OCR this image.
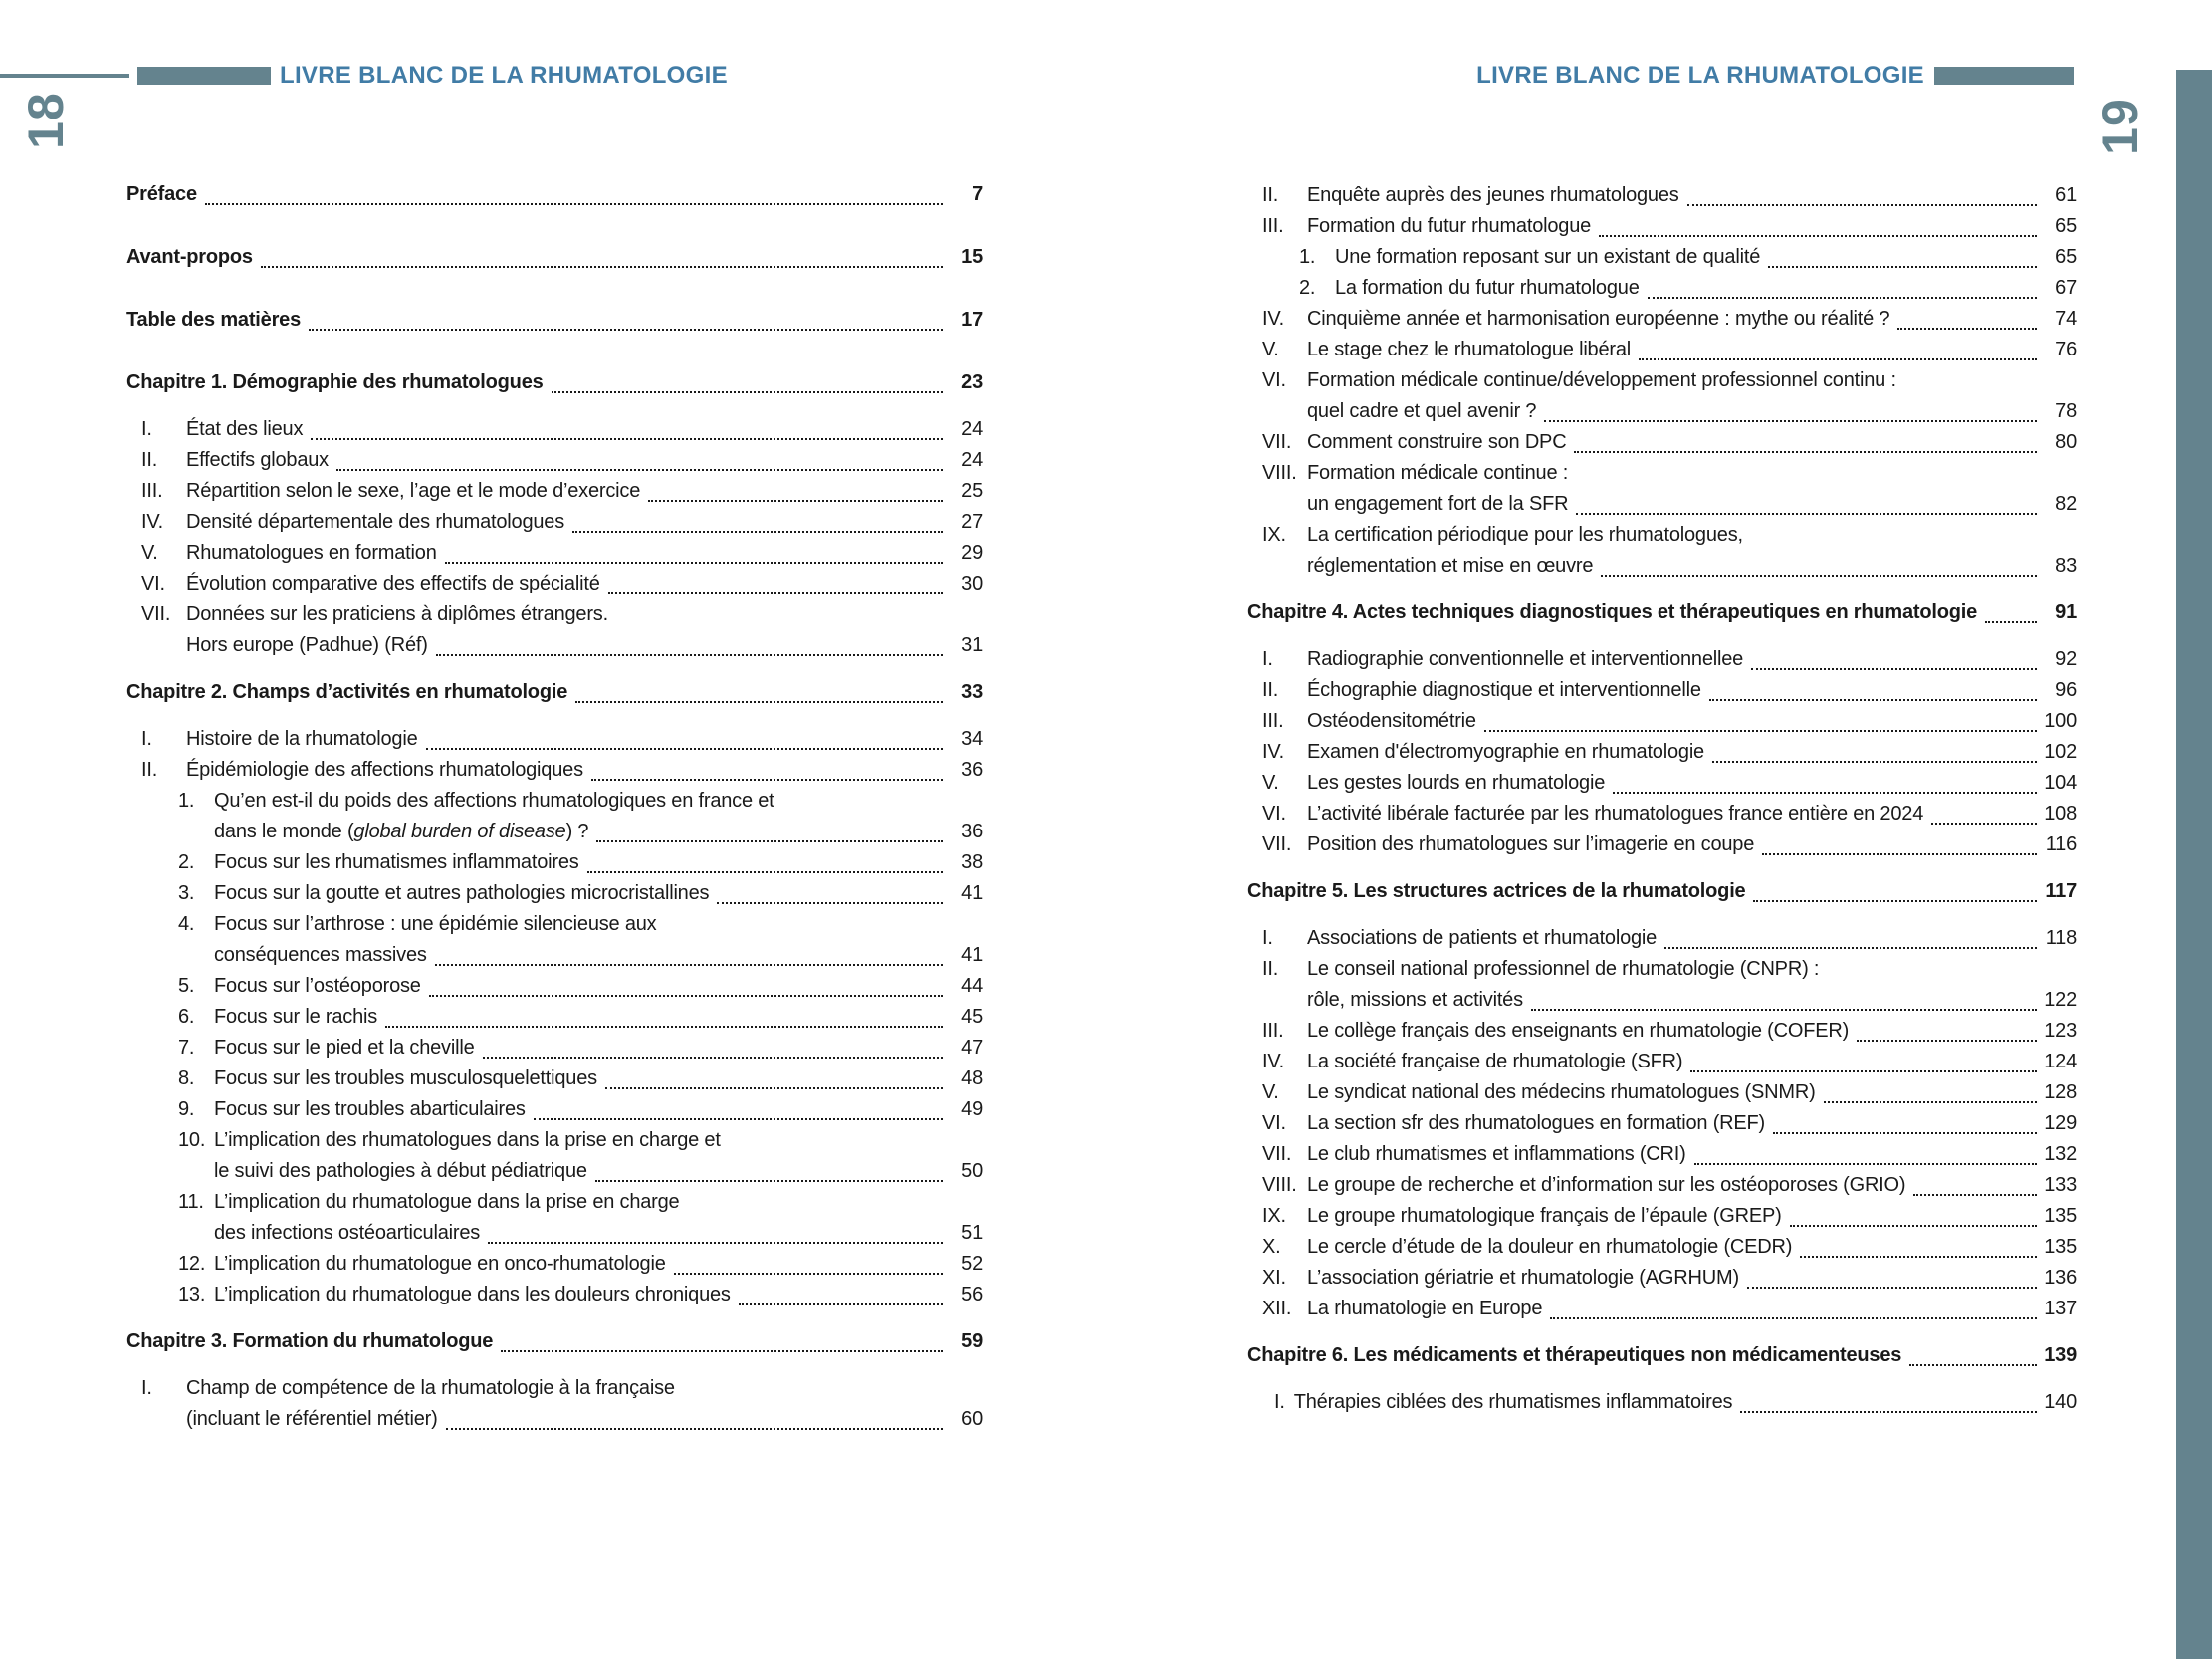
LIVRE BLANC DE LA RHUMATOLOGIE
18
LIVRE BLANC DE LA RHUMATOLOGIE
19
Préface	7
Avant-propos	15
Table des matières	17
Chapitre 1. Démographie des rhumatologues	23
I.	État des lieux	24
II.	Effectifs globaux	24
III.	Répartition selon le sexe, l’age et le mode d’exercice	25
IV.	Densité départementale des rhumatologues	27
V.	Rhumatologues en formation	29
VI.	Évolution comparative des effectifs de spécialité	30
VII. Données sur les praticiens à diplômes étrangers.
Hors europe (Padhue) (Réf)	31
Chapitre 2. Champs d’activités en rhumatologie	33
I.	Histoire de la rhumatologie	34
II.	Épidémiologie des affections rhumatologiques	36
1. Qu’en est-il du poids des affections rhumatologiques en france et
dans le monde (global burden of disease) ?	36
2. Focus sur les rhumatismes inflammatoires	38
3. Focus sur la goutte et autres pathologies microcristallines	41
4. Focus sur l’arthrose : une épidémie silencieuse aux
conséquences massives	41
5. Focus sur l’ostéoporose	44
6. Focus sur le rachis	45
7. Focus sur le pied et la cheville	47
8. Focus sur les troubles musculosquelettiques	48
9. Focus sur les troubles abarticulaires	49
10. L’implication des rhumatologues dans la prise en charge et
le suivi des pathologies à début pédiatrique	50
11. L’implication du rhumatologue dans la prise en charge
des infections ostéoarticulaires	51
12. L’implication du rhumatologue en onco-rhumatologie	52
13. L’implication du rhumatologue dans les douleurs chroniques	56
Chapitre 3. Formation du rhumatologue	59
I.	Champ de compétence de la rhumatologie à la française
(incluant le référentiel métier)	60
II.	Enquête auprès des jeunes rhumatologues	61
III.	Formation du futur rhumatologue	65
1. Une formation reposant sur un existant de qualité	65
2. La formation du futur rhumatologue	67
IV.	Cinquième année et harmonisation européenne : mythe ou réalité ?	74
V.	Le stage chez le rhumatologue libéral	76
VI.	Formation médicale continue/développement professionnel continu :
quel cadre et quel avenir ?	78
VII. Comment construire son DPC	80
VIII. Formation médicale continue :
un engagement fort de la SFR	82
IX.	La certification périodique pour les rhumatologues,
réglementation et mise en œuvre	83
Chapitre 4. Actes techniques diagnostiques et thérapeutiques en rhumatologie	91
I.	Radiographie conventionnelle et interventionnellee	92
II.	Échographie diagnostique et interventionnelle	96
III.	Ostéodensitométrie	100
IV.	Examen d'électromyographie en rhumatologie	102
V.	Les gestes lourds en rhumatologie	104
VI.	L’activité libérale facturée par les rhumatologues france entière en 2024	108
VII. Position des rhumatologues sur l’imagerie en coupe	116
Chapitre 5. Les structures actrices de la rhumatologie	117
I.	Associations de patients et rhumatologie	118
II.	Le conseil national professionnel de rhumatologie (CNPR) :
rôle, missions et activités	122
III.	Le collège français des enseignants en rhumatologie (COFER)	123
IV.	La société française de rhumatologie (SFR)	124
V.	Le syndicat national des médecins rhumatologues (SNMR)	128
VI.	La section sfr des rhumatologues en formation (REF)	129
VII. Le club rhumatismes et inflammations (CRI)	132
VIII. Le groupe de recherche et d’information sur les ostéoporoses (GRIO)	133
IX.	Le groupe rhumatologique français de l’épaule (GREP)	135
X.	Le cercle d’étude de la douleur en rhumatologie (CEDR)	135
XI.	L’association gériatrie et rhumatologie (AGRHUM)	136
XII. La rhumatologie en Europe	137
Chapitre 6. Les médicaments et thérapeutiques non médicamenteuses	139
I. Thérapies ciblées des rhumatismes inflammatoires	140
